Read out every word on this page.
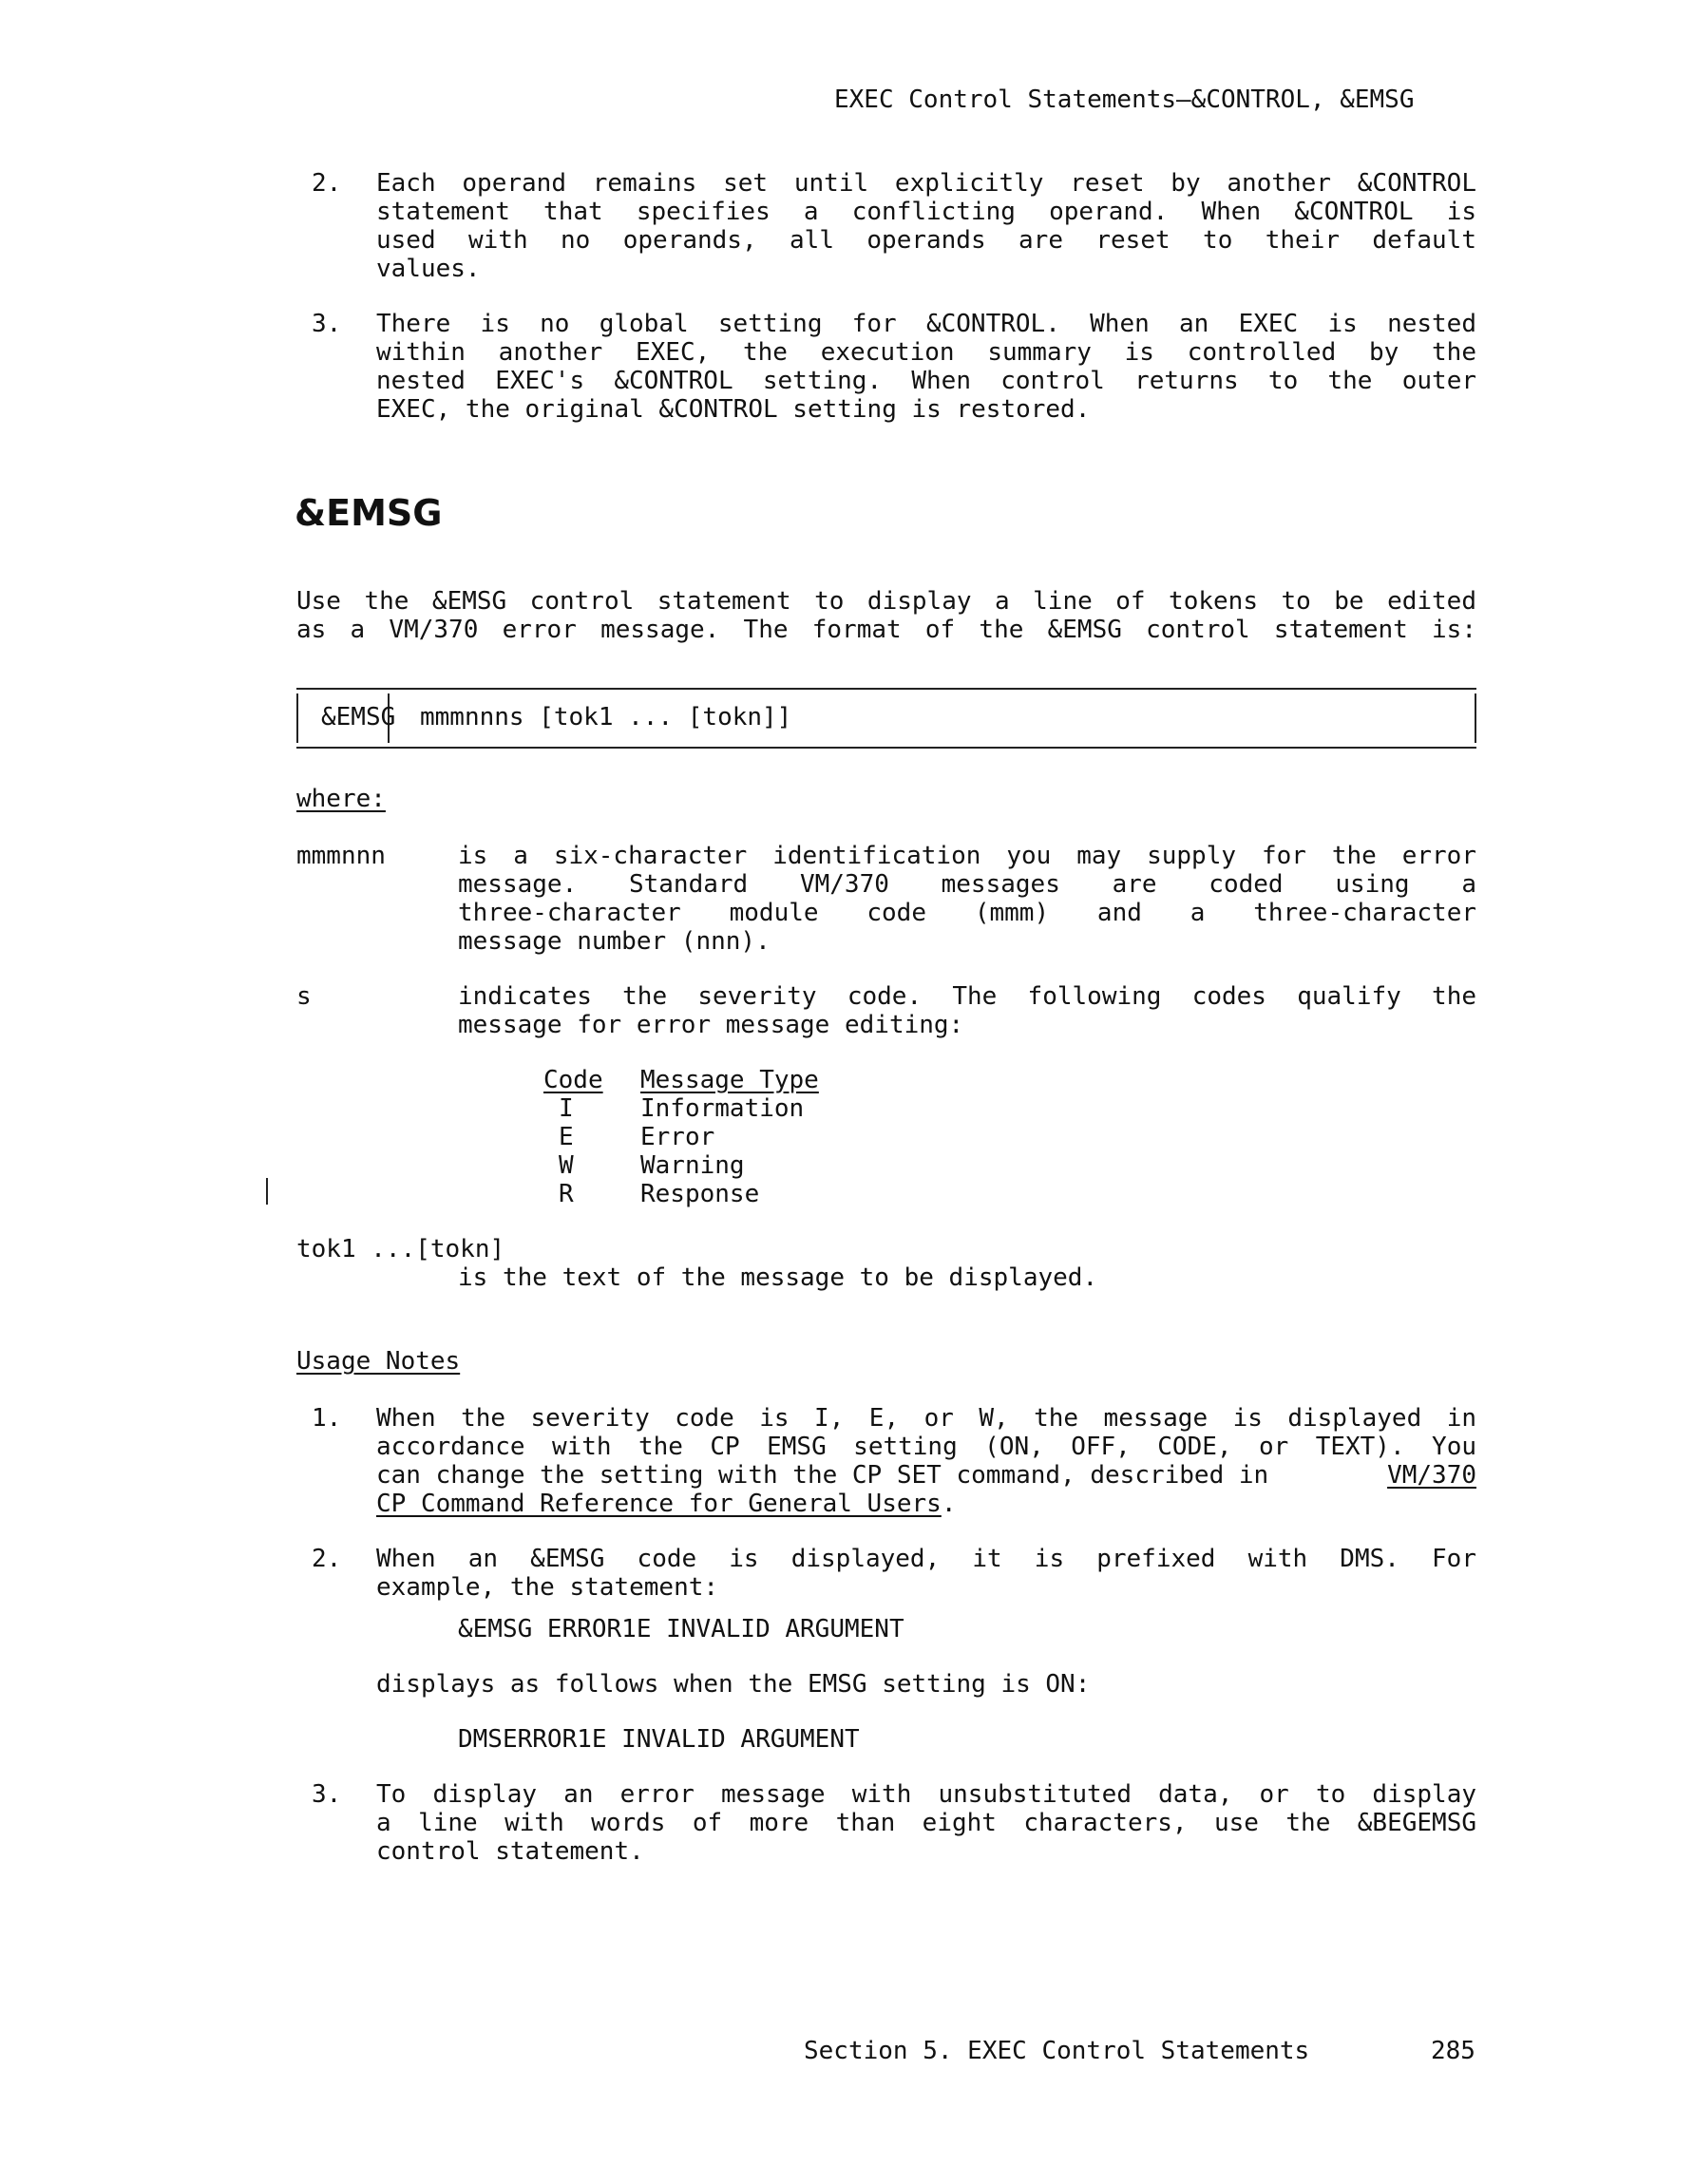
EXEC Control Statements—&CONTROL, &EMSG
2. Each operand remains set until explicitly reset by another &CONTROL
statement that specifies a conflicting operand. When &CONTROL is
used with no operands, all operands are reset to their default
values.
3. There is no global setting for &CONTROL. When an EXEC is nested
within another EXEC, the execution summary is controlled by the
nested EXEC's &CONTROL setting. When control returns to the outer
EXEC, the original &CONTROL setting is restored.
&EMSG
Use the &EMSG control statement to display a line of tokens to be edited
as a VM/370 error message. The format of the &EMSG control statement is:
&EMSG mmmnnns [tok1 ... [tokn]]
where:
mmmnnn	is a six-character identification you may supply for the error
message. Standard VM/370 messages are coded using a
three-character module code (mmm) and a three-character
message number (nnn).
s	indicates the severity code. The following codes qualify the
message for error message editing:
Code Message Type
I	Information
E	Error
W	Warning
R	Response
tok1 ...[tokn]
is the text of the message to be displayed.
Usage Notes
1. When the severity code is I, E, or W, the message is displayed in
accordance with the CP EMSG setting (ON, OFF, CODE, or TEXT). You
can change the setting with the CP SET command, described in	VM/370
CP Command Reference for General Users.
2. When an &EMSG code is displayed, it is prefixed with DMS. For
example, the statement:
&EMSG ERROR1E INVALID ARGUMENT
displays as follows when the EMSG setting is ON:
DMSERROR1E INVALID ARGUMENT
3. To display an error message with unsubstituted data, or to display
a line with words of more than eight characters, use the &BEGEMSG
control statement.
Section 5. EXEC Control Statements	285
